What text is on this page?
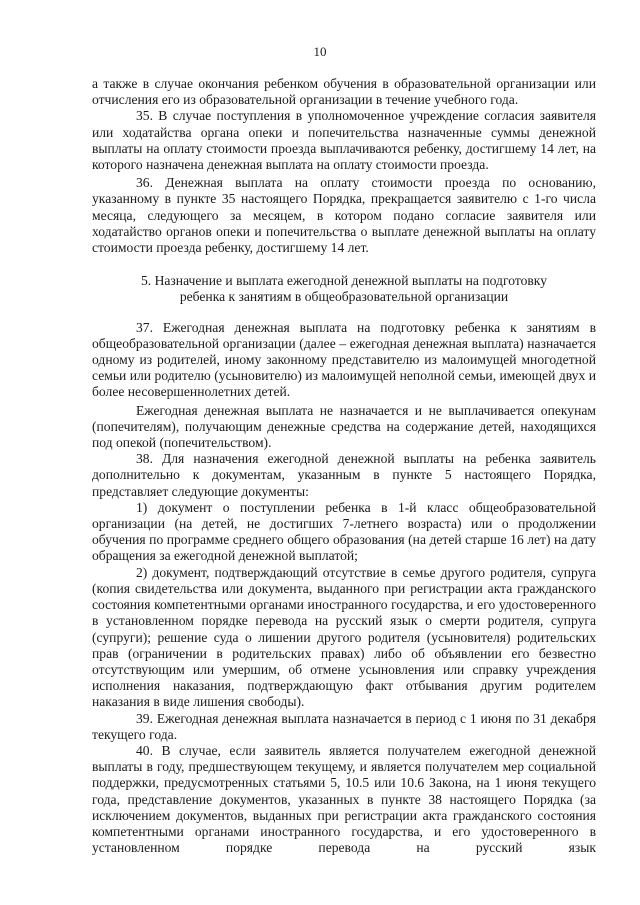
10

а также в случае окончания ребенком обучения в образовательной организации или отчисления его из образовательной организации в течение учебного года.

35. В случае поступления в уполномоченное учреждение согласия заявителя или ходатайства органа опеки и попечительства назначенные суммы денежной выплаты на оплату стоимости проезда выплачиваются ребенку, достигшему 14 лет, на которого назначена денежная выплата на оплату стоимости проезда.

36. Денежная выплата на оплату стоимости проезда по основанию, указанному в пункте 35 настоящего Порядка, прекращается заявителю с 1-го числа месяца, следующего за месяцем, в котором подано согласие заявителя или ходатайство органов опеки и попечительства о выплате денежной выплаты на оплату стоимости проезда ребенку, достигшему 14 лет.

5. Назначение и выплата ежегодной денежной выплаты на подготовку
ребенка к занятиям в общеобразовательной организации

37. Ежегодная денежная выплата на подготовку ребенка к занятиям в общеобразовательной организации (далее – ежегодная денежная выплата) назначается одному из родителей, иному законному представителю из малоимущей многодетной семьи или родителю (усыновителю) из малоимущей неполной семьи, имеющей двух и более несовершеннолетних детей.

Ежегодная денежная выплата не назначается и не выплачивается опекунам (попечителям), получающим денежные средства на содержание детей, находящихся под опекой (попечительством).

38. Для назначения ежегодной денежной выплаты на ребенка заявитель дополнительно к документам, указанным в пункте 5 настоящего Порядка, представляет следующие документы:

1) документ о поступлении ребенка в 1-й класс общеобразовательной организации (на детей, не достигших 7-летнего возраста) или о продолжении обучения по программе среднего общего образования (на детей старше 16 лет) на дату обращения за ежегодной денежной выплатой;

2) документ, подтверждающий отсутствие в семье другого родителя, супруга (копия свидетельства или документа, выданного при регистрации акта гражданского состояния компетентными органами иностранного государства, и его удостоверенного в установленном порядке перевода на русский язык о смерти родителя, супруга (супруги); решение суда о лишении другого родителя (усыновителя) родительских прав (ограничении в родительских правах) либо об объявлении его безвестно отсутствующим или умершим, об отмене усыновления или справку учреждения исполнения наказания, подтверждающую факт отбывания другим родителем наказания в виде лишения свободы).

39. Ежегодная денежная выплата назначается в период с 1 июня по 31 декабря текущего года.

40. В случае, если заявитель является получателем ежегодной денежной выплаты в году, предшествующем текущему, и является получателем мер социальной поддержки, предусмотренных статьями 5, 10.5 или 10.6 Закона, на 1 июня текущего года, представление документов, указанных в пункте 38 настоящего Порядка (за исключением документов, выданных при регистрации акта гражданского состояния компетентными органами иностранного государства, и его удостоверенного в установленном порядке перевода на русский язык
